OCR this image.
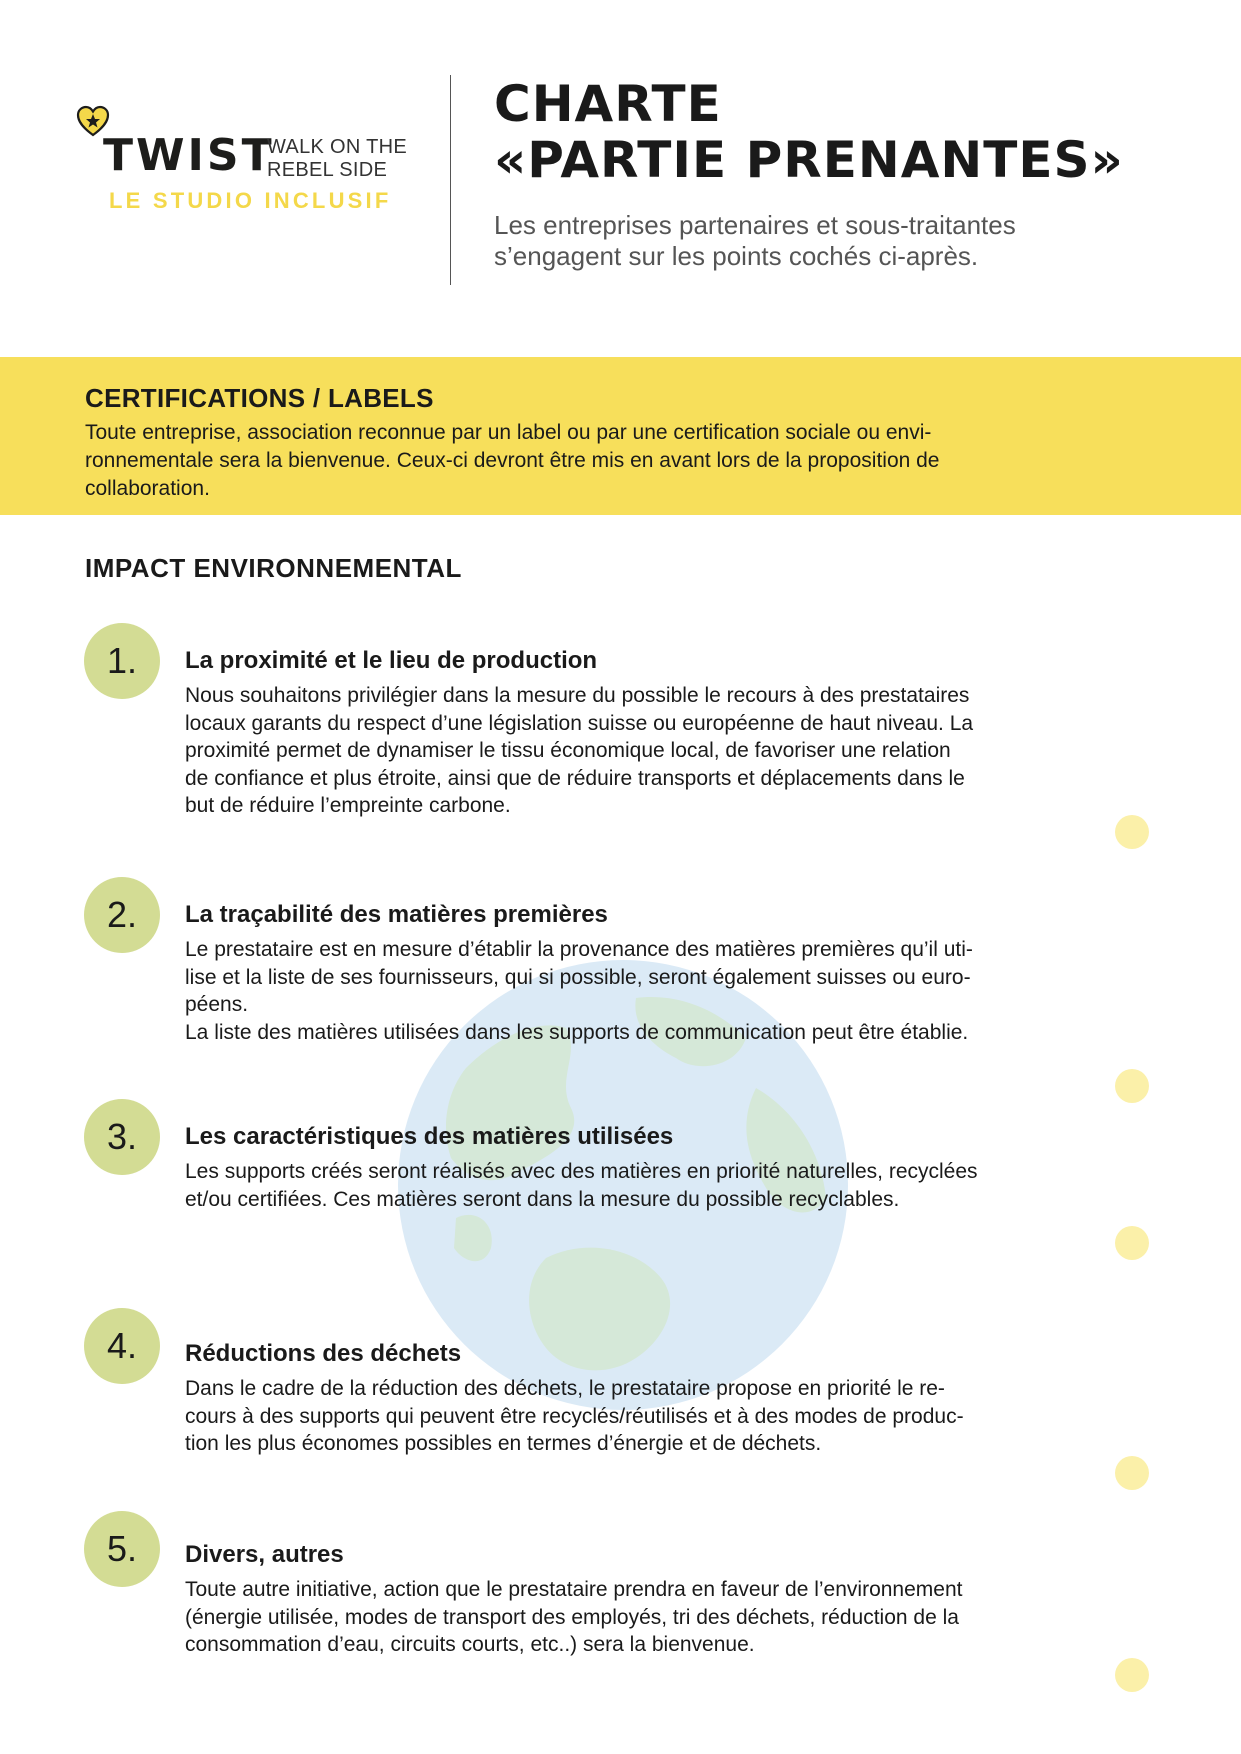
TWIST
WALK ON THE
REBEL SIDE
LE STUDIO INCLUSIF
CHARTE
«PARTIE PRENANTES»
Les entreprises partenaires et sous-traitantes
s’engagent sur les points cochés ci-après.
CERTIFICATIONS / LABELS
Toute entreprise, association reconnue par un label ou par une certification sociale ou envi-
ronnementale sera la bienvenue. Ceux-ci devront être mis en avant lors de la proposition de
collaboration.
IMPACT ENVIRONNEMENTAL
1.	La proximité et le lieu de production
Nous souhaitons privilégier dans la mesure du possible le recours à des prestataires
locaux garants du respect d’une législation suisse ou européenne de haut niveau. La
proximité permet de dynamiser le tissu économique local, de favoriser une relation
de confiance et plus étroite, ainsi que de réduire transports et déplacements dans le
but de réduire l’empreinte carbone.
2.	La traçabilité des matières premières
Le prestataire est en mesure d’établir la provenance des matières premières qu’il uti-
lise et la liste de ses fournisseurs, qui si possible, seront également suisses ou euro-
péens.
La liste des matières utilisées dans les supports de communication peut être établie.
3.	Les caractéristiques des matières utilisées
Les supports créés seront réalisés avec des matières en priorité naturelles, recyclées
et/ou certifiées. Ces matières seront dans la mesure du possible recyclables.
4.	Réductions des déchets
Dans le cadre de la réduction des déchets, le prestataire propose en priorité le re-
cours à des supports qui peuvent être recyclés/réutilisés et à des modes de produc-
tion les plus économes possibles en termes d’énergie et de déchets.
5.	Divers, autres
Toute autre initiative, action que le prestataire prendra en faveur de l’environnement
(énergie utilisée, modes de transport des employés, tri des déchets, réduction de la
consommation d’eau, circuits courts, etc..) sera la bienvenue.
